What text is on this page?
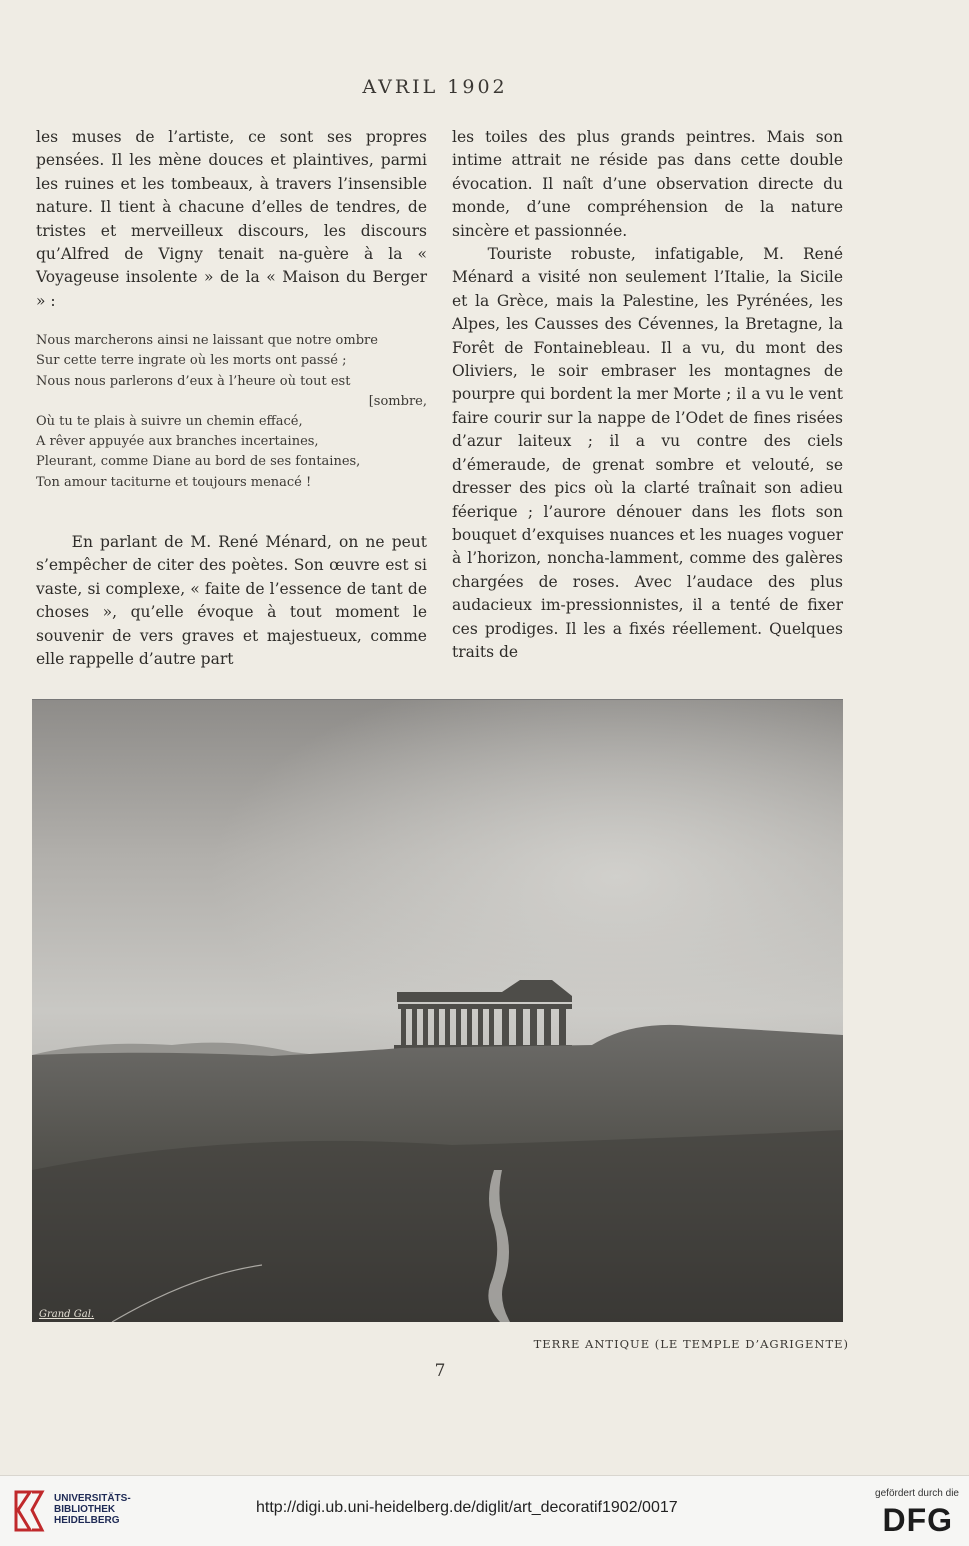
AVRIL 1902

les muses de l’artiste, ce sont ses propres pensées. Il les mène douces et plaintives, parmi les ruines et les tombeaux, à travers l’insensible nature. Il tient à chacune d’elles de tendres, de tristes et merveilleux discours, les discours qu’Alfred de Vigny tenait na-guère à la « Voyageuse insolente » de la « Maison du Berger » :

Nous marcherons ainsi ne laissant que notre ombre
Sur cette terre ingrate où les morts ont passé ;
Nous nous parlerons d’eux à l’heure où tout est
[sombre,
Où tu te plais à suivre un chemin effacé,
A rêver appuyée aux branches incertaines,
Pleurant, comme Diane au bord de ses fontaines,
Ton amour taciturne et toujours menacé !

En parlant de M. René Ménard, on ne peut s’empêcher de citer des poètes. Son œuvre est si vaste, si complexe, « faite de l’essence de tant de choses », qu’elle évoque à tout moment le souvenir de vers graves et majestueux, comme elle rappelle d’autre part

les toiles des plus grands peintres. Mais son intime attrait ne réside pas dans cette double évocation. Il naît d’une observation directe du monde, d’une compréhension de la nature sincère et passionnée.

Touriste robuste, infatigable, M. René Ménard a visité non seulement l’Italie, la Sicile et la Grèce, mais la Palestine, les Pyrénées, les Alpes, les Causses des Cévennes, la Bretagne, la Forêt de Fontainebleau. Il a vu, du mont des Oliviers, le soir embraser les montagnes de pourpre qui bordent la mer Morte ; il a vu le vent faire courir sur la nappe de l’Odet de fines risées d’azur laiteux ; il a vu contre des ciels d’émeraude, de grenat sombre et velouté, se dresser des pics où la clarté traînait son adieu féerique ; l’aurore dénouer dans les flots son bouquet d’exquises nuances et les nuages voguer à l’horizon, noncha-lamment, comme des galères chargées de roses. Avec l’audace des plus audacieux im-pressionnistes, il a tenté de fixer ces prodiges. Il les a fixés réellement. Quelques traits de

Grand Gal.
TERRE ANTIQUE (LE TEMPLE D’AGRIGENTE)
7
UNIVERSITÄTS-
BIBLIOTHEK
HEIDELBERG
http://digi.ub.uni-heidelberg.de/diglit/art_decoratif1902/0017
gefördert durch die
DFG
